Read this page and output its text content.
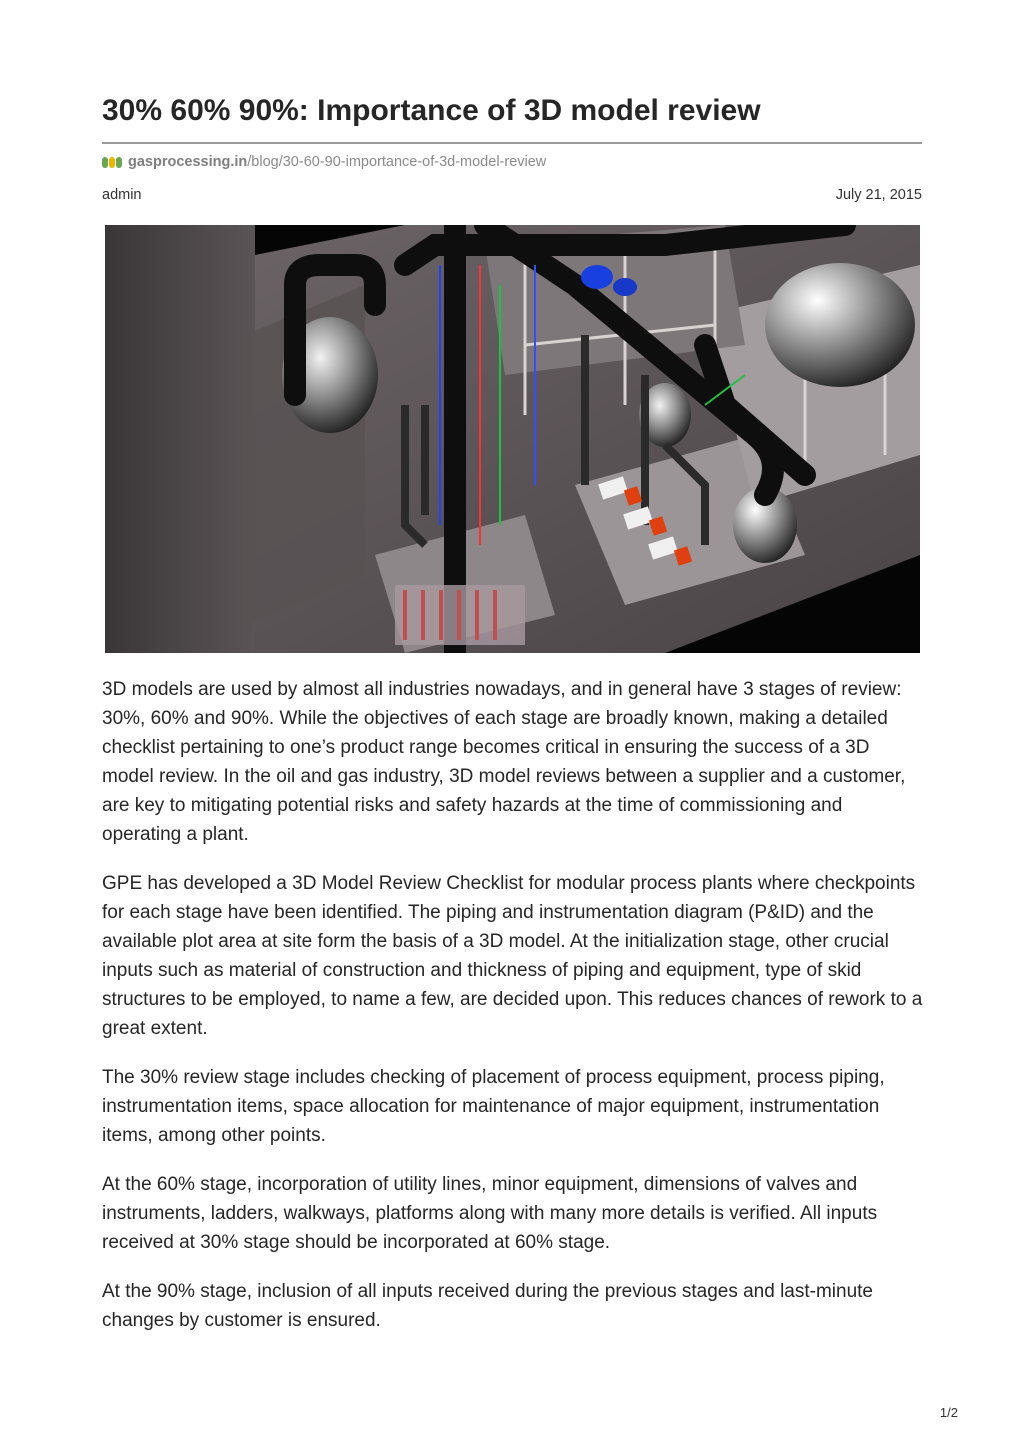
30% 60% 90%: Importance of 3D model review
gasprocessing.in/blog/30-60-90-importance-of-3d-model-review
admin	July 21, 2015

3D models are used by almost all industries nowadays, and in general have 3 stages of review: 30%, 60% and 90%. While the objectives of each stage are broadly known, making a detailed checklist pertaining to one’s product range becomes critical in ensuring the success of a 3D model review. In the oil and gas industry, 3D model reviews between a supplier and a customer, are key to mitigating potential risks and safety hazards at the time of commissioning and operating a plant.

GPE has developed a 3D Model Review Checklist for modular process plants where checkpoints for each stage have been identified. The piping and instrumentation diagram (P&ID) and the available plot area at site form the basis of a 3D model. At the initialization stage, other crucial inputs such as material of construction and thickness of piping and equipment, type of skid structures to be employed, to name a few, are decided upon. This reduces chances of rework to a great extent.

The 30% review stage includes checking of placement of process equipment, process piping, instrumentation items, space allocation for maintenance of major equipment, instrumentation items, among other points.

At the 60% stage, incorporation of utility lines, minor equipment, dimensions of valves and instruments, ladders, walkways, platforms along with many more details is verified. All inputs received at 30% stage should be incorporated at 60% stage.

At the 90% stage, inclusion of all inputs received during the previous stages and last-minute changes by customer is ensured.

1/2
